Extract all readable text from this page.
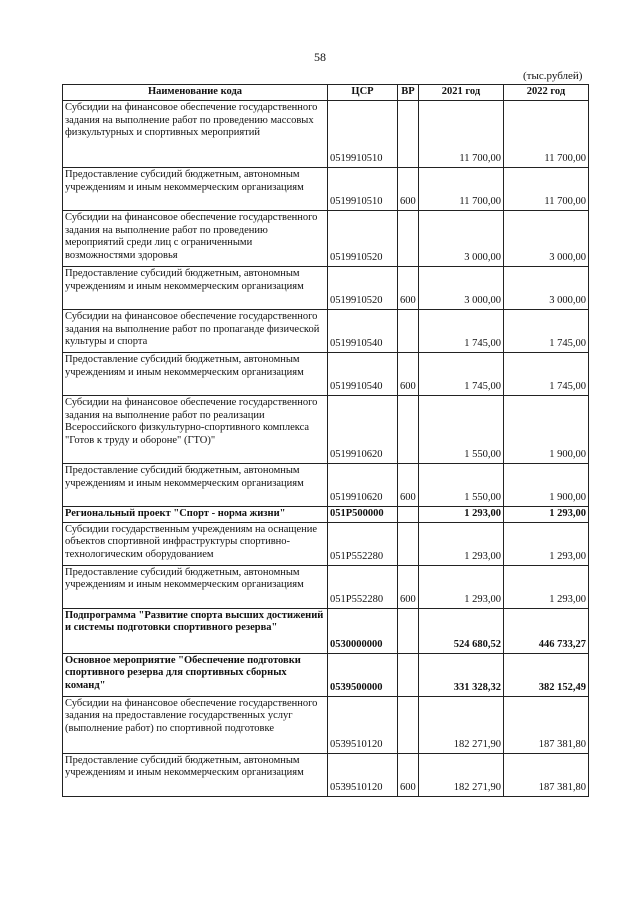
58
(тыс.рублей)
Наименование кода	ЦСР	ВР	2021 год	2022 год
Субсидии на финансовое обеспечение государственного задания на выполнение работ по проведению массовых физкультурных и спортивных мероприятий	0519910510		11 700,00	11 700,00
Предоставление субсидий бюджетным, автономным учреждениям и иным некоммерческим организациям	0519910510	600	11 700,00	11 700,00
Субсидии на финансовое обеспечение государственного задания на выполнение работ по проведению мероприятий среди лиц с ограниченными возможностями здоровья	0519910520		3 000,00	3 000,00
Предоставление субсидий бюджетным, автономным учреждениям и иным некоммерческим организациям	0519910520	600	3 000,00	3 000,00
Субсидии на финансовое обеспечение государственного задания на выполнение работ по пропаганде физической культуры и спорта	0519910540		1 745,00	1 745,00
Предоставление субсидий бюджетным, автономным учреждениям и иным некоммерческим организациям	0519910540	600	1 745,00	1 745,00
Субсидии на финансовое обеспечение государственного задания на выполнение работ по реализации Всероссийского физкультурно-спортивного комплекса "Готов к труду и обороне" (ГТО)"	0519910620		1 550,00	1 900,00
Предоставление субсидий бюджетным, автономным учреждениям и иным некоммерческим организациям	0519910620	600	1 550,00	1 900,00
Региональный проект "Спорт - норма жизни"	051P500000		1 293,00	1 293,00
Субсидии государственным учреждениям на оснащение объектов спортивной инфраструктуры спортивно-технологическим оборудованием	051P552280		1 293,00	1 293,00
Предоставление субсидий бюджетным, автономным учреждениям и иным некоммерческим организациям	051P552280	600	1 293,00	1 293,00
Подпрограмма "Развитие спорта высших достижений и системы подготовки спортивного резерва"	0530000000		524 680,52	446 733,27
Основное мероприятие "Обеспечение подготовки спортивного резерва для спортивных сборных команд"	0539500000		331 328,32	382 152,49
Субсидии на финансовое обеспечение государственного задания на предоставление государственных услуг (выполнение работ) по спортивной подготовке	0539510120		182 271,90	187 381,80
Предоставление субсидий бюджетным, автономным учреждениям и иным некоммерческим организациям	0539510120	600	182 271,90	187 381,80
